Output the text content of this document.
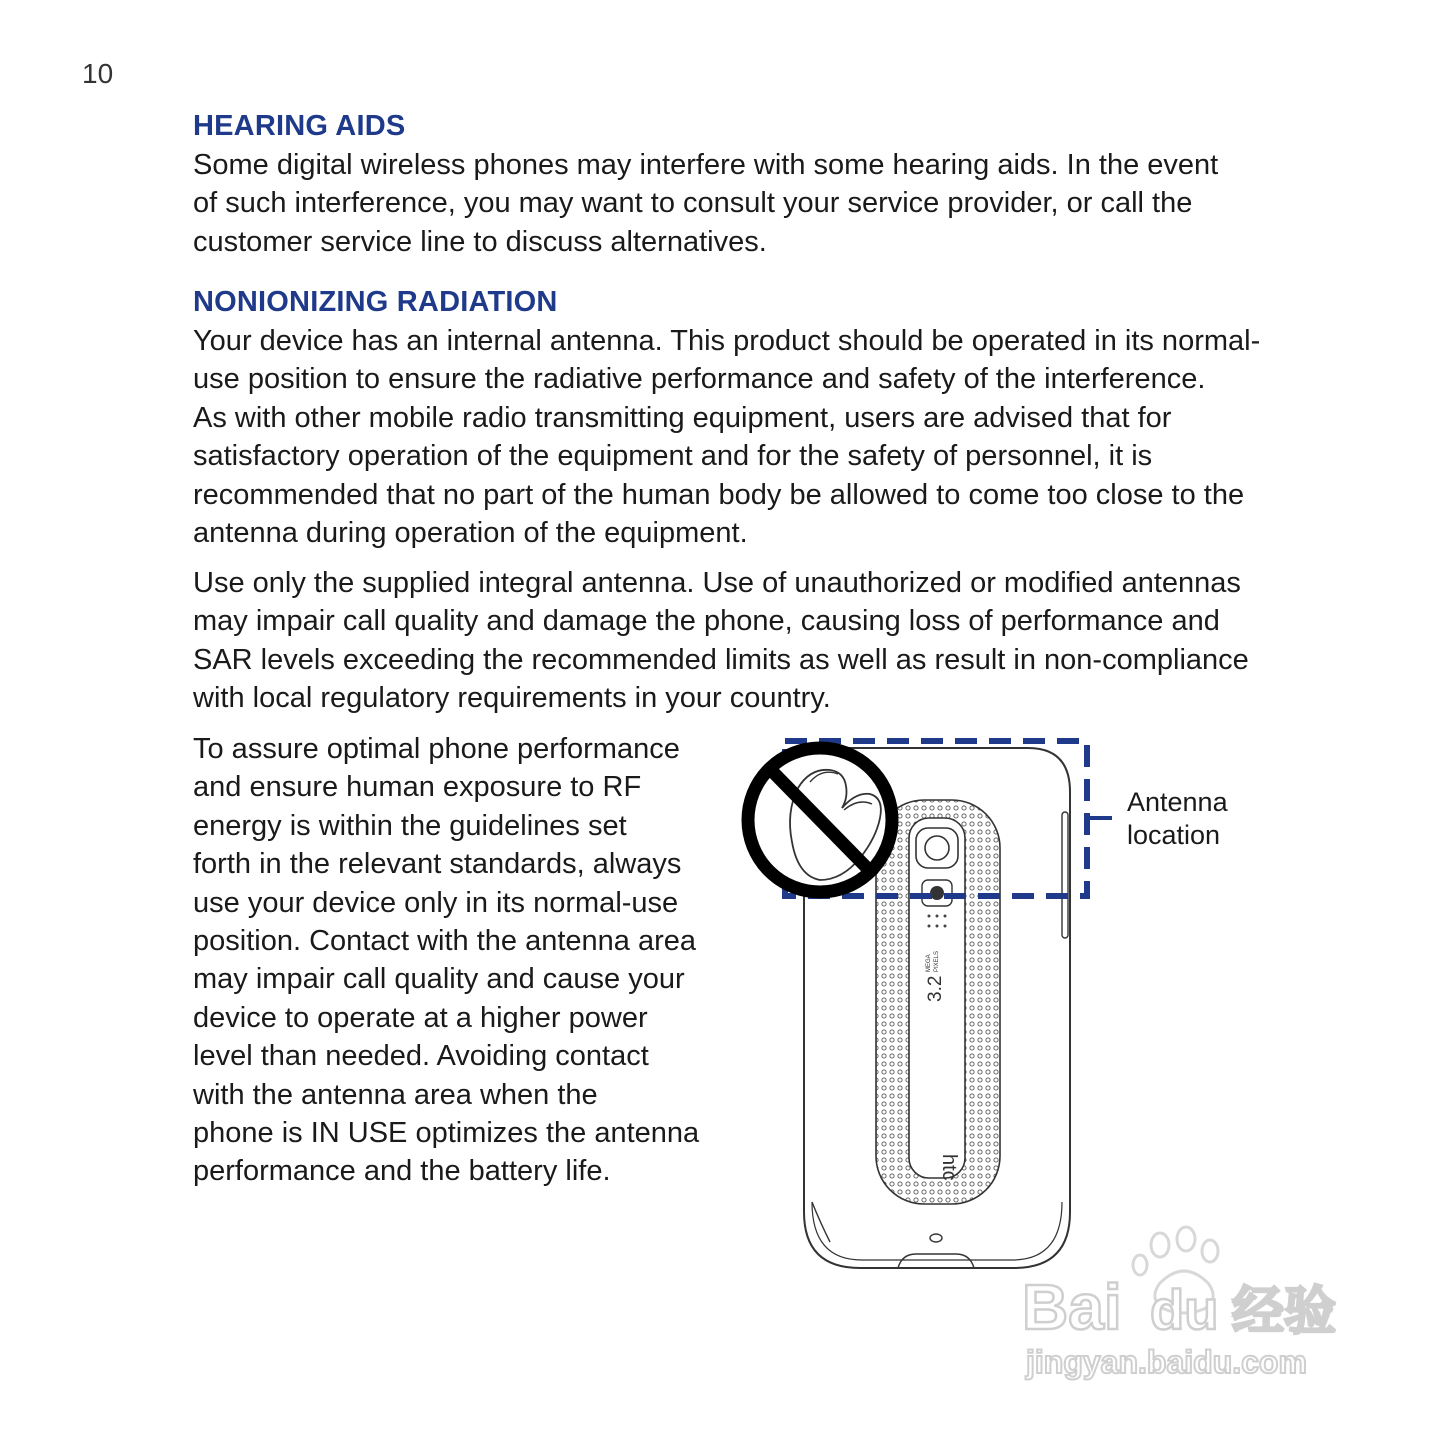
10
HEARING AIDS

Some digital wireless phones may interfere with some hearing aids. In the event
of such interference, you may want to consult your service provider, or call the
customer service line to discuss alternatives.

NONIONIZING RADIATION

Your device has an internal antenna. This product should be operated in its normal-
use position to ensure the radiative performance and safety of the interference.
As with other mobile radio transmitting equipment, users are advised that for
satisfactory operation of the equipment and for the safety of personnel, it is
recommended that no part of the human body be allowed to come too close to the
antenna during operation of the equipment.

Use only the supplied integral antenna. Use of unauthorized or modified antennas
may impair call quality and damage the phone, causing loss of performance and
SAR levels exceeding the recommended limits as well as result in non-compliance
with local regulatory requirements in your country.

To assure optimal phone performance
and ensure human exposure to RF
energy is within the guidelines set
forth in the relevant standards, always
use your device only in its normal-use
position. Contact with the antenna area
may impair call quality and cause your
device to operate at a higher power
level than needed. Avoiding contact
with the antenna area when the
phone is IN USE optimizes the antenna
performance and the battery life.

3.2
MEGA PIXELS
htc
Antenna
location
Bai du 经验
jingyan.baidu.com
